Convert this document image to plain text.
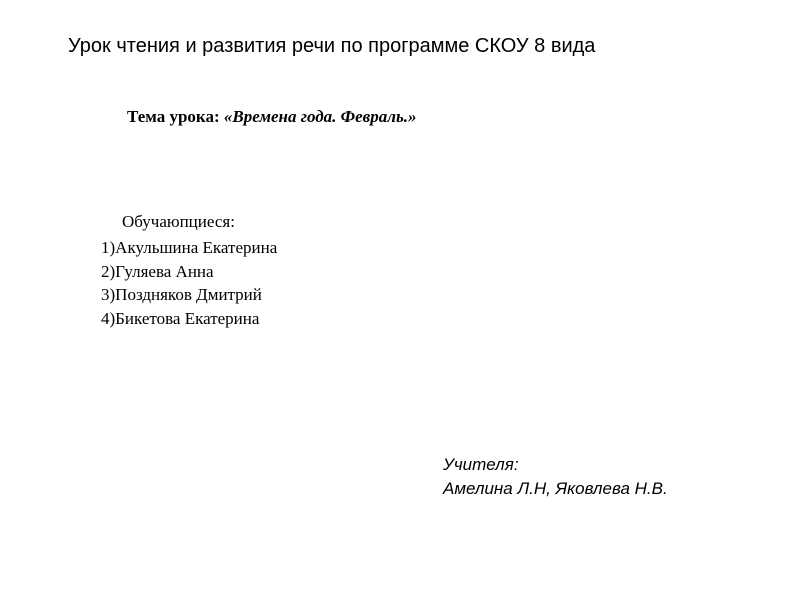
Урок чтения и развития речи по программе СКОУ 8 вида
Тема урока: «Времена года. Февраль.»
Обучаюпциеся:
1)Акульшина Екатерина
2)Гуляева Анна
3)Поздняков Дмитрий
4)Бикетова Екатерина
Учителя:
Амелина Л.Н, Яковлева Н.В.
